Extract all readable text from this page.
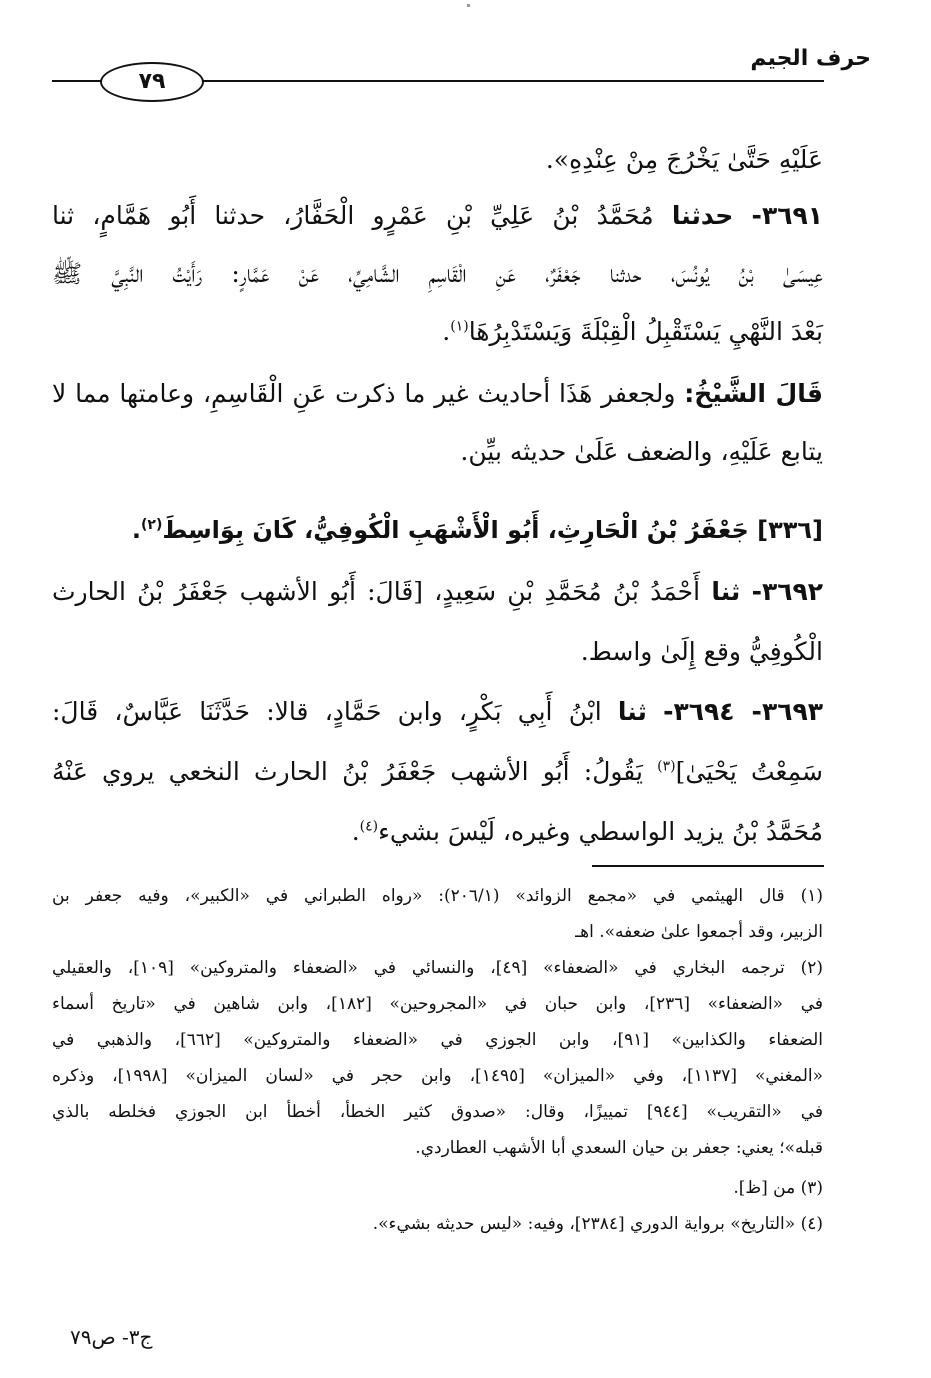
حرف الجيم
٧٩
عَلَيْهِ حَتَّىٰ يَخْرُجَ مِنْ عِنْدِهِ».
٣٦٩١- حدثنا مُحَمَّدُ بْنُ عَلِيِّ بْنِ عَمْرٍو الْحَفَّارُ، حدثنا أَبُو هَمَّامٍ، ثنا
عِيسَىٰ بْنُ يُونُسَ، حدثنا جَعْفَرٌ، عَنِ الْقَاسِمِ الشَّامِيِّ، عَنْ عَمَّارٍ: رَأَيْتُ النَّبِيَّ ﷺ
بَعْدَ النَّهْيِ يَسْتَقْبِلُ الْقِبْلَةَ وَيَسْتَدْبِرُهَا$^{(١)}$.
قَالَ الشَّيْخُ: ولجعفر هَذَا أحاديث غير ما ذكرت عَنِ الْقَاسِمِ، وعامتها مما لا
يتابع عَلَيْهِ، والضعف عَلَىٰ حديثه بيِّن.
[٣٣٦] جَعْفَرُ بْنُ الْحَارِثِ، أَبُو الْأَشْهَبِ الْكُوفِيُّ، كَانَ بِوَاسِطَ$^{(٢)}$.
٣٦٩٢- ثنا أَحْمَدُ بْنُ مُحَمَّدِ بْنِ سَعِيدٍ، [قَالَ: أَبُو الأشهب جَعْفَرُ بْنُ الحارث
الْكُوفِيُّ وقع إِلَىٰ واسط.
٣٦٩٣- ٣٦٩٤- ثنا ابْنُ أَبِي بَكْرٍ، وابن حَمَّادٍ، قالا: حَدَّثَنَا عَبَّاسٌ، قَالَ:
سَمِعْتُ يَحْيَىٰ]$^{(٣)}$ يَقُولُ: أَبُو الأشهب جَعْفَرُ بْنُ الحارث النخعي يروي عَنْهُ
مُحَمَّدُ بْنُ يزيد الواسطي وغيره، لَيْسَ بشيء$^{(٤)}$.
(١) قال الهيثمي في «مجمع الزوائد» (٢٠٦/١): «رواه الطبراني في «الكبير»، وفيه جعفر بن
الزبير، وقد أجمعوا علىٰ ضعفه». اهـ
(٢) ترجمه البخاري في «الضعفاء» [٤٩]، والنسائي في «الضعفاء والمتروكين» [١٠٩]، والعقيلي
في «الضعفاء» [٢٣٦]، وابن حبان في «المجروحين» [١٨٢]، وابن شاهين في «تاريخ أسماء
الضعفاء والكذابين» [٩١]، وابن الجوزي في «الضعفاء والمتروكين» [٦٦٢]، والذهبي في
«المغني» [١١٣٧]، وفي «الميزان» [١٤٩٥]، وابن حجر في «لسان الميزان» [١٩٩٨]، وذكره
في «التقريب» [٩٤٤] تمييزًا، وقال: «صدوق كثير الخطأ، أخطأ ابن الجوزي فخلطه بالذي
قبله»؛ يعني: جعفر بن حيان السعدي أبا الأشهب العطاردي.
(٣) من [ظ].
(٤) «التاريخ» برواية الدوري [٢٣٨٤]، وفيه: «ليس حديثه بشيء».
ج٣- ص٧٩
